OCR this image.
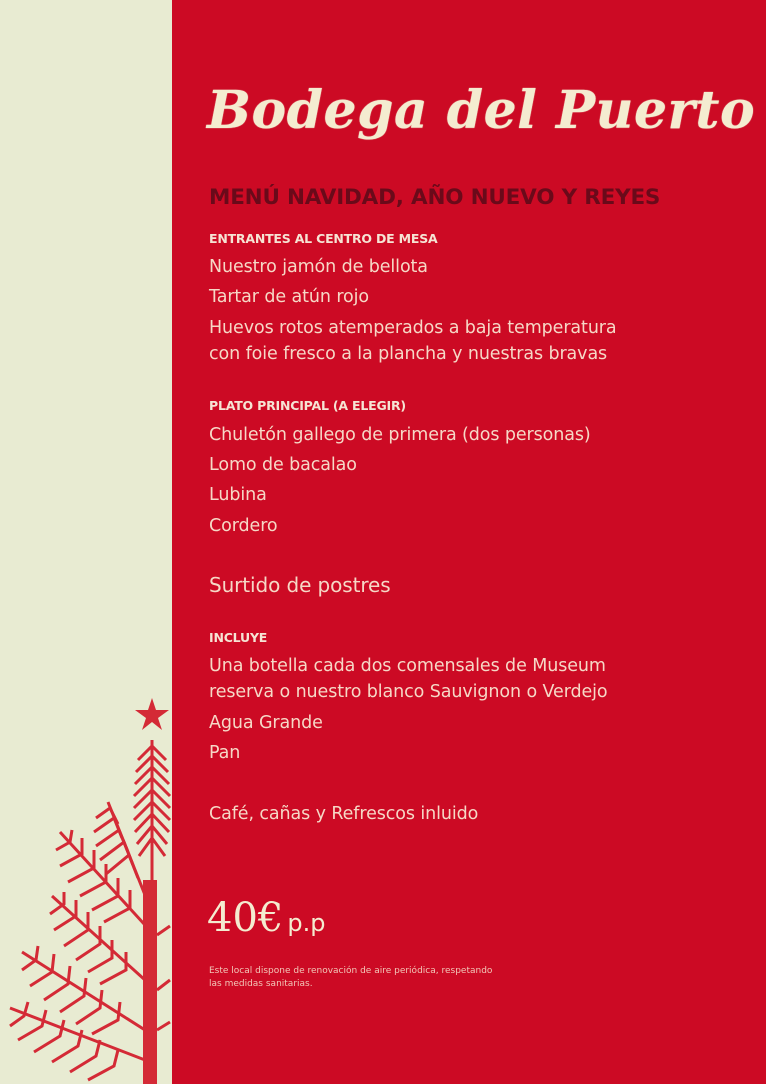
Bodega del Puerto
MENÚ NAVIDAD, AÑO NUEVO Y REYES
ENTRANTES AL CENTRO DE MESA
Nuestro jamón de bellota
Tartar de atún rojo
Huevos rotos atemperados a baja temperatura
con foie fresco a la plancha y nuestras bravas
PLATO PRINCIPAL (A ELEGIR)
Chuletón gallego de primera (dos personas)
Lomo de bacalao
Lubina
Cordero
Surtido de postres
INCLUYE
Una botella cada dos comensales de Museum
reserva o nuestro blanco Sauvignon o Verdejo
Agua Grande
Pan
Café, cañas y Refrescos inluido
40€ p.p
Este local dispone de renovación de aire periódica, respetando
las medidas sanitarias.
